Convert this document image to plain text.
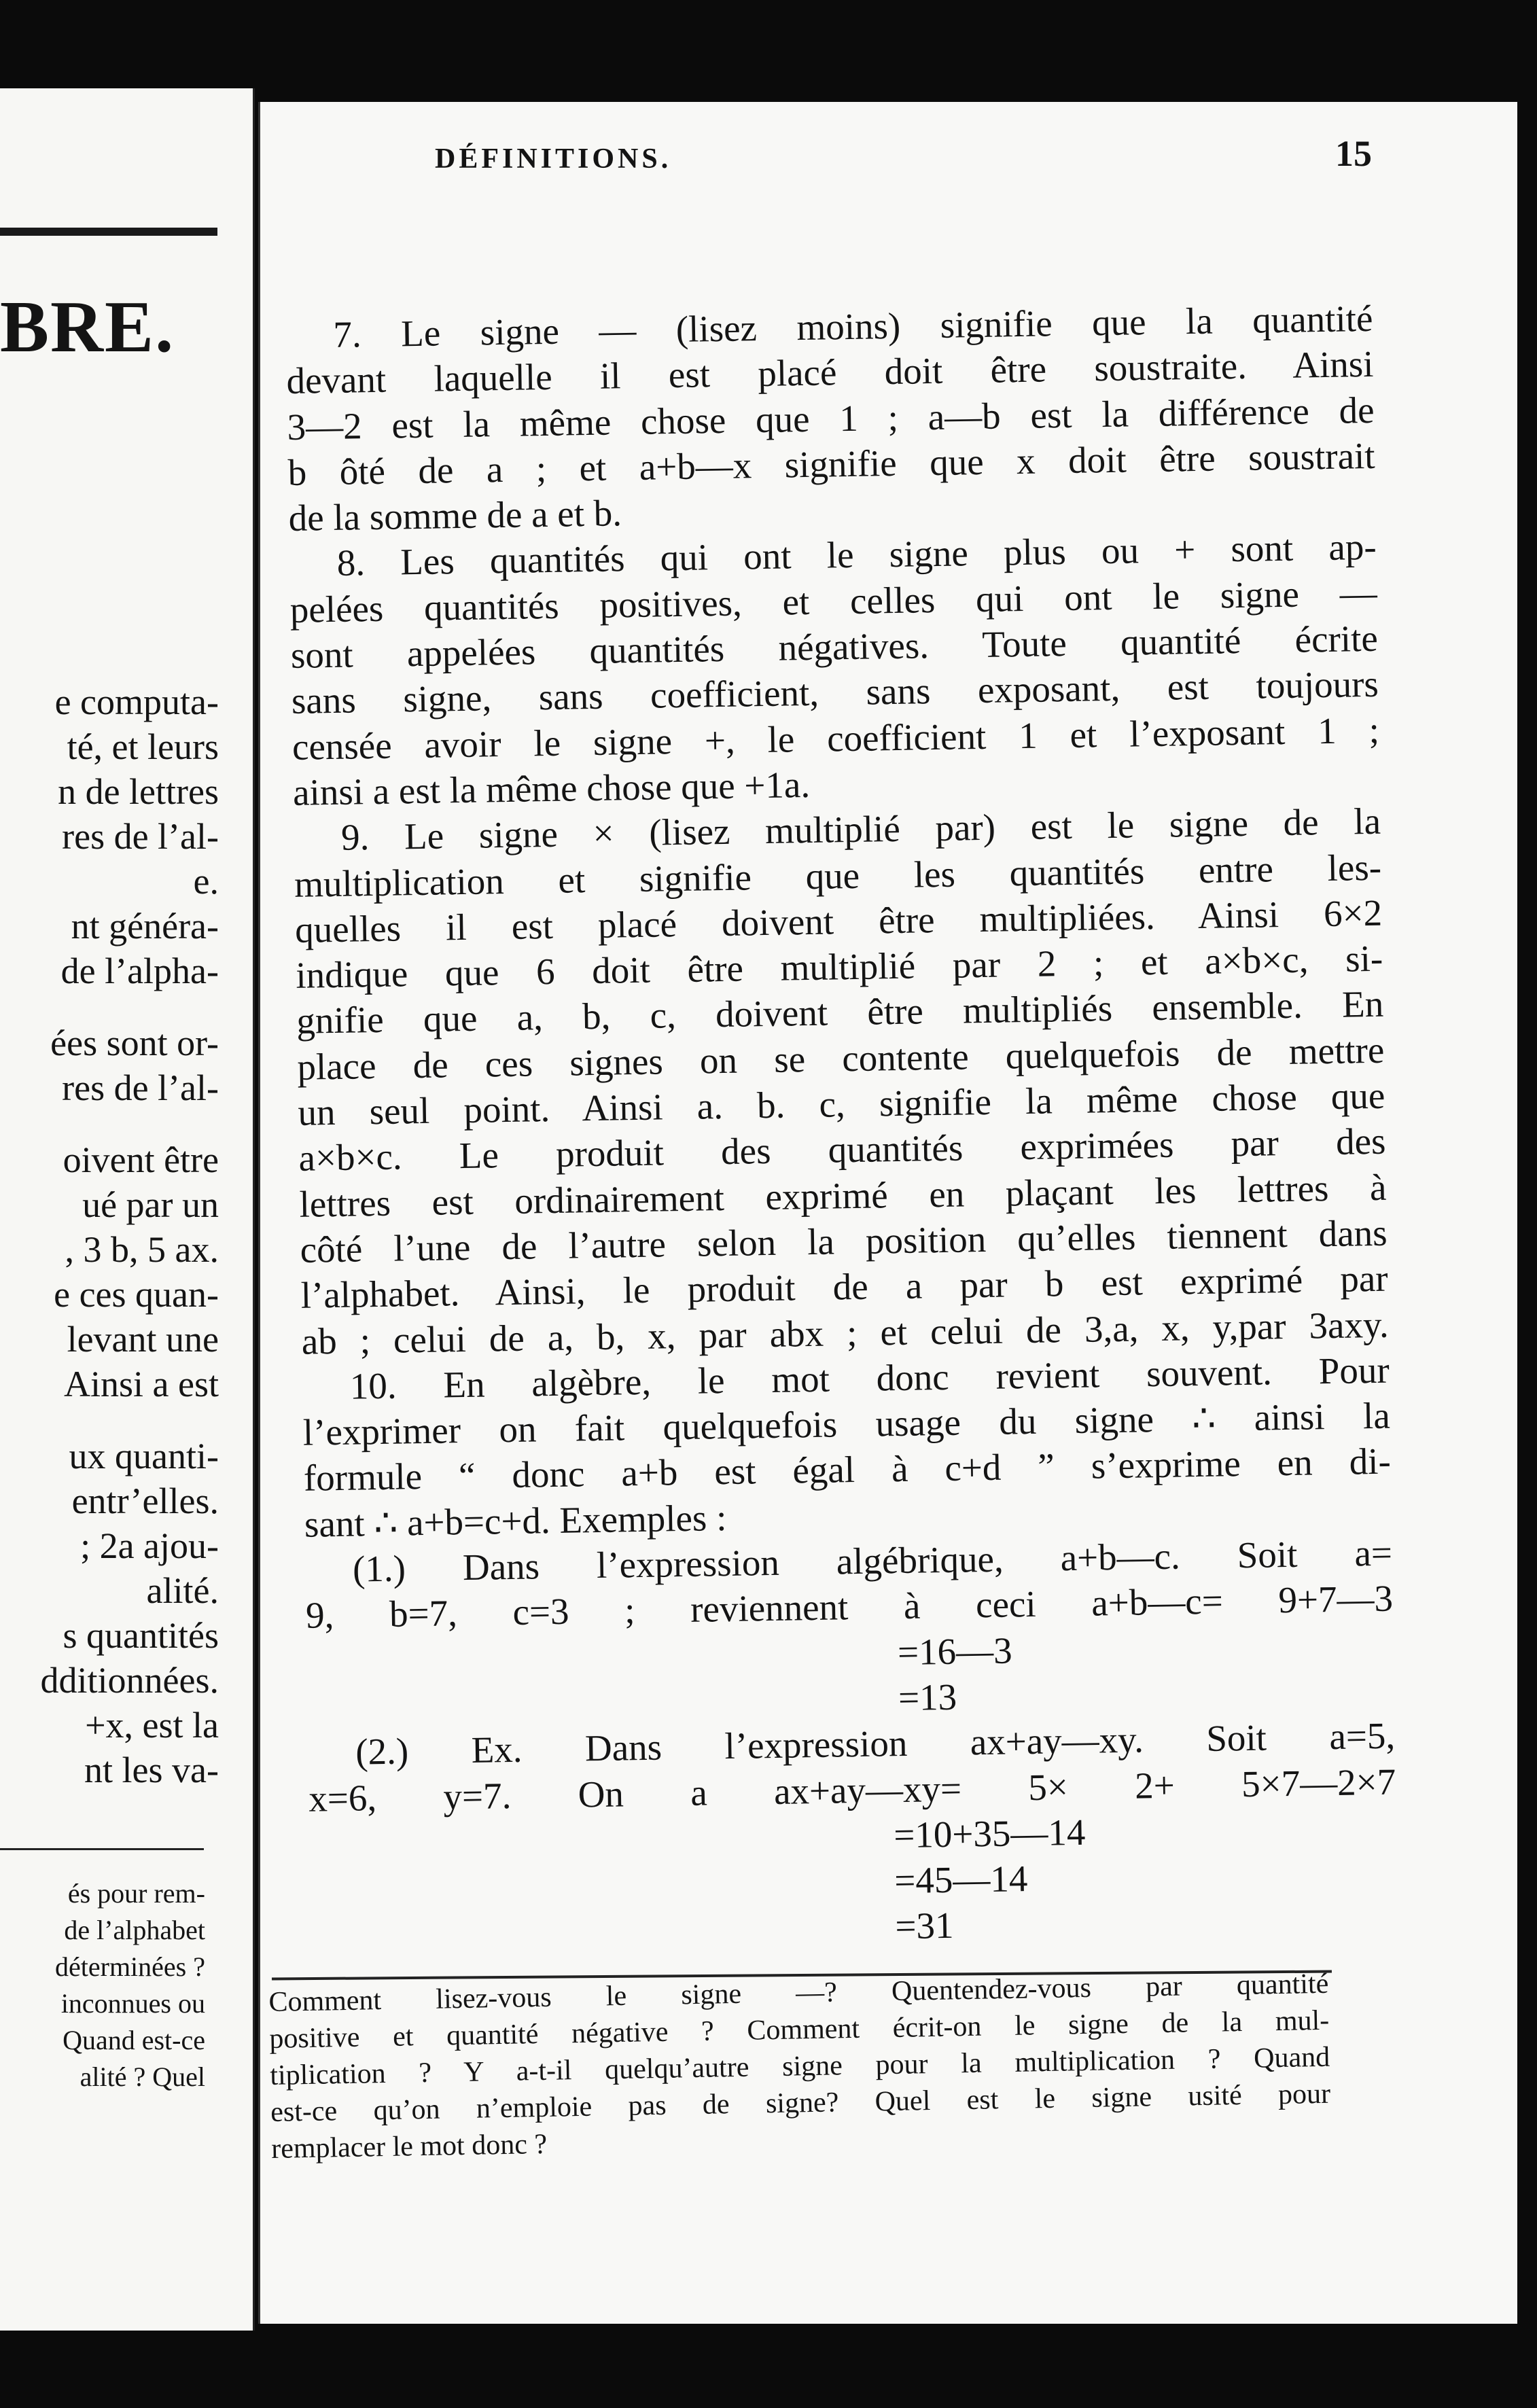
BRE.
e computa-
té, et leurs
n de lettres
res de l’al-
e.
nt généra-
de l’alpha-
ées sont or-
res de l’al-
oivent être
ué par un
, 3 b, 5 ax.
e ces quan-
levant une
Ainsi a est
ux quanti-
entr’elles.
; 2a ajou-
alité.
s quantités
dditionnées.
+x, est la
nt les va-
és pour rem-
de l’alphabet
déterminées ?
inconnues ou
Quand est-ce
alité ? Quel
DÉFINITIONS.	15
7. Le signe — (lisez moins) signifie que la quantité
devant laquelle il est placé doit être soustraite. Ainsi
3—2 est la même chose que 1 ; a—b est la différence de
b ôté de a ; et a+b—x signifie que x doit être soustrait
de la somme de a et b.
8. Les quantités qui ont le signe plus ou + sont ap-
pelées quantités positives, et celles qui ont le signe —
sont appelées quantités négatives. Toute quantité écrite
sans signe, sans coefficient, sans exposant, est toujours
censée avoir le signe +, le coefficient 1 et l’exposant 1 ;
ainsi a est la même chose que +1a.
9. Le signe × (lisez multiplié par) est le signe de la
multiplication et signifie que les quantités entre les-
quelles il est placé doivent être multipliées. Ainsi 6×2
indique que 6 doit être multiplié par 2 ; et a×b×c, si-
gnifie que a, b, c, doivent être multipliés ensemble. En
place de ces signes on se contente quelquefois de mettre
un seul point. Ainsi a. b. c, signifie la même chose que
a×b×c. Le produit des quantités exprimées par des
lettres est ordinairement exprimé en plaçant les lettres à
côté l’une de l’autre selon la position qu’elles tiennent dans
l’alphabet. Ainsi, le produit de a par b est exprimé par
ab ; celui de a, b, x, par abx ; et celui de 3,a, x, y,par 3axy.
10. En algèbre, le mot donc revient souvent. Pour
l’exprimer on fait quelquefois usage du signe ∴ ainsi la
formule “ donc a+b est égal à c+d ” s’exprime en di-
sant ∴ a+b=c+d. Exemples :
(1.) Dans l’expression algébrique, a+b—c. Soit a=
9, b=7, c=3 ; reviennent à ceci a+b—c= 9+7—3
=16—3
=13
(2.) Ex. Dans l’expression ax+ay—xy. Soit a=5,
x=6, y=7. On a ax+ay—xy= 5× 2+ 5×7—2×7
=10+35—14
=45—14
=31
Comment lisez-vous le signe —? Quentendez-vous par quantité
positive et quantité négative ? Comment écrit-on le signe de la mul-
tiplication ? Y a-t-il quelqu’autre signe pour la multiplication ? Quand
est-ce qu’on n’emploie pas de signe? Quel est le signe usité pour
remplacer le mot donc ?
